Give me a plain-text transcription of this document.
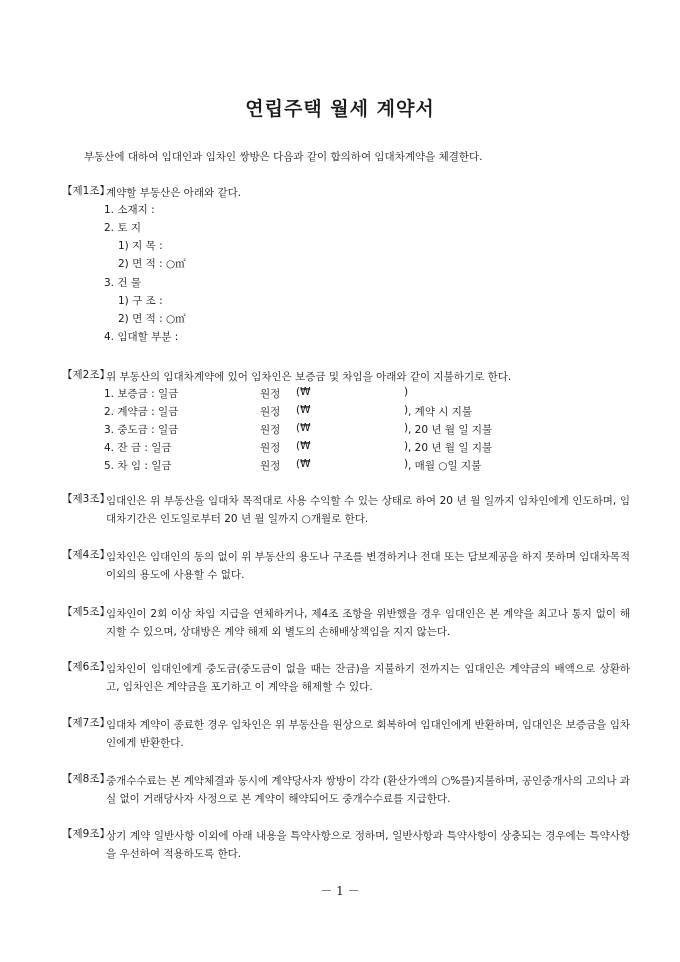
연립주택 월세 계약서
부동산에 대하여 임대인과 임차인 쌍방은 다음과 같이 합의하여 임대차계약을 체결한다.
【제1조】
계약할 부동산은 아래와 같다.
1. 소재지 :
2. 토 지
1) 지 목 :
2) 면 적 : ○㎡
3. 건 물
1) 구 조 :
2) 면 적 : ○㎡
4. 임대할 부분 :
【제2조】
위 부동산의 임대차계약에 있어 임차인은 보증금 및 차임을 아래와 같이 지불하기로 한다.
1. 보증금 : 일금	원정 (₩	)
2. 계약금 : 일금	원정 (₩	) , 계약 시 지불
3. 중도금 : 일금	원정 (₩	) , 20 년 월 일 지불
4. 잔 금 : 일금	원정 (₩	) , 20 년 월 일 지불
5. 차 임 : 일금	원정 (₩	) , 매월 ○일 지불
【제3조】
임대인은 위 부동산을 임대차 목적대로 사용 수익할 수 있는 상태로 하여 20 년 월 일까지 임차인에게 인도하며, 임대차기간은 인도일로부터 20 년 월 일까지 ○개월로 한다.
【제4조】
임차인은 임대인의 동의 없이 위 부동산의 용도나 구조를 변경하거나 전대 또는 담보제공을 하지 못하며 임대차목적 이외의 용도에 사용할 수 없다.
【제5조】
임차인이 2회 이상 차임 지급을 연체하거나, 제4조 조항을 위반했을 경우 임대인은 본 계약을 최고나 통지 없이 해지할 수 있으며, 상대방은 계약 해제 외 별도의 손해배상책임을 지지 않는다.
【제6조】
임차인이 임대인에게 중도금(중도금이 없을 때는 잔금)을 지불하기 전까지는 임대인은 계약금의 배액으로 상환하고, 임차인은 계약금을 포기하고 이 계약을 해제할 수 있다.
【제7조】
임대차 계약이 종료한 경우 임차인은 위 부동산을 원상으로 회복하여 임대인에게 반환하며, 임대인은 보증금을 임차인에게 반환한다.
【제8조】
중개수수료는 본 계약체결과 동시에 계약당사자 쌍방이 각각 (환산가액의 ○%를)지불하며, 공인중개사의 고의나 과실 없이 거래당사자 사정으로 본 계약이 해약되어도 중개수수료를 지급한다.
【제9조】
상기 계약 일반사항 이외에 아래 내용을 특약사항으로 정하며, 일반사항과 특약사항이 상충되는 경우에는 특약사항을 우선하여 적용하도록 한다.
－ 1 －
